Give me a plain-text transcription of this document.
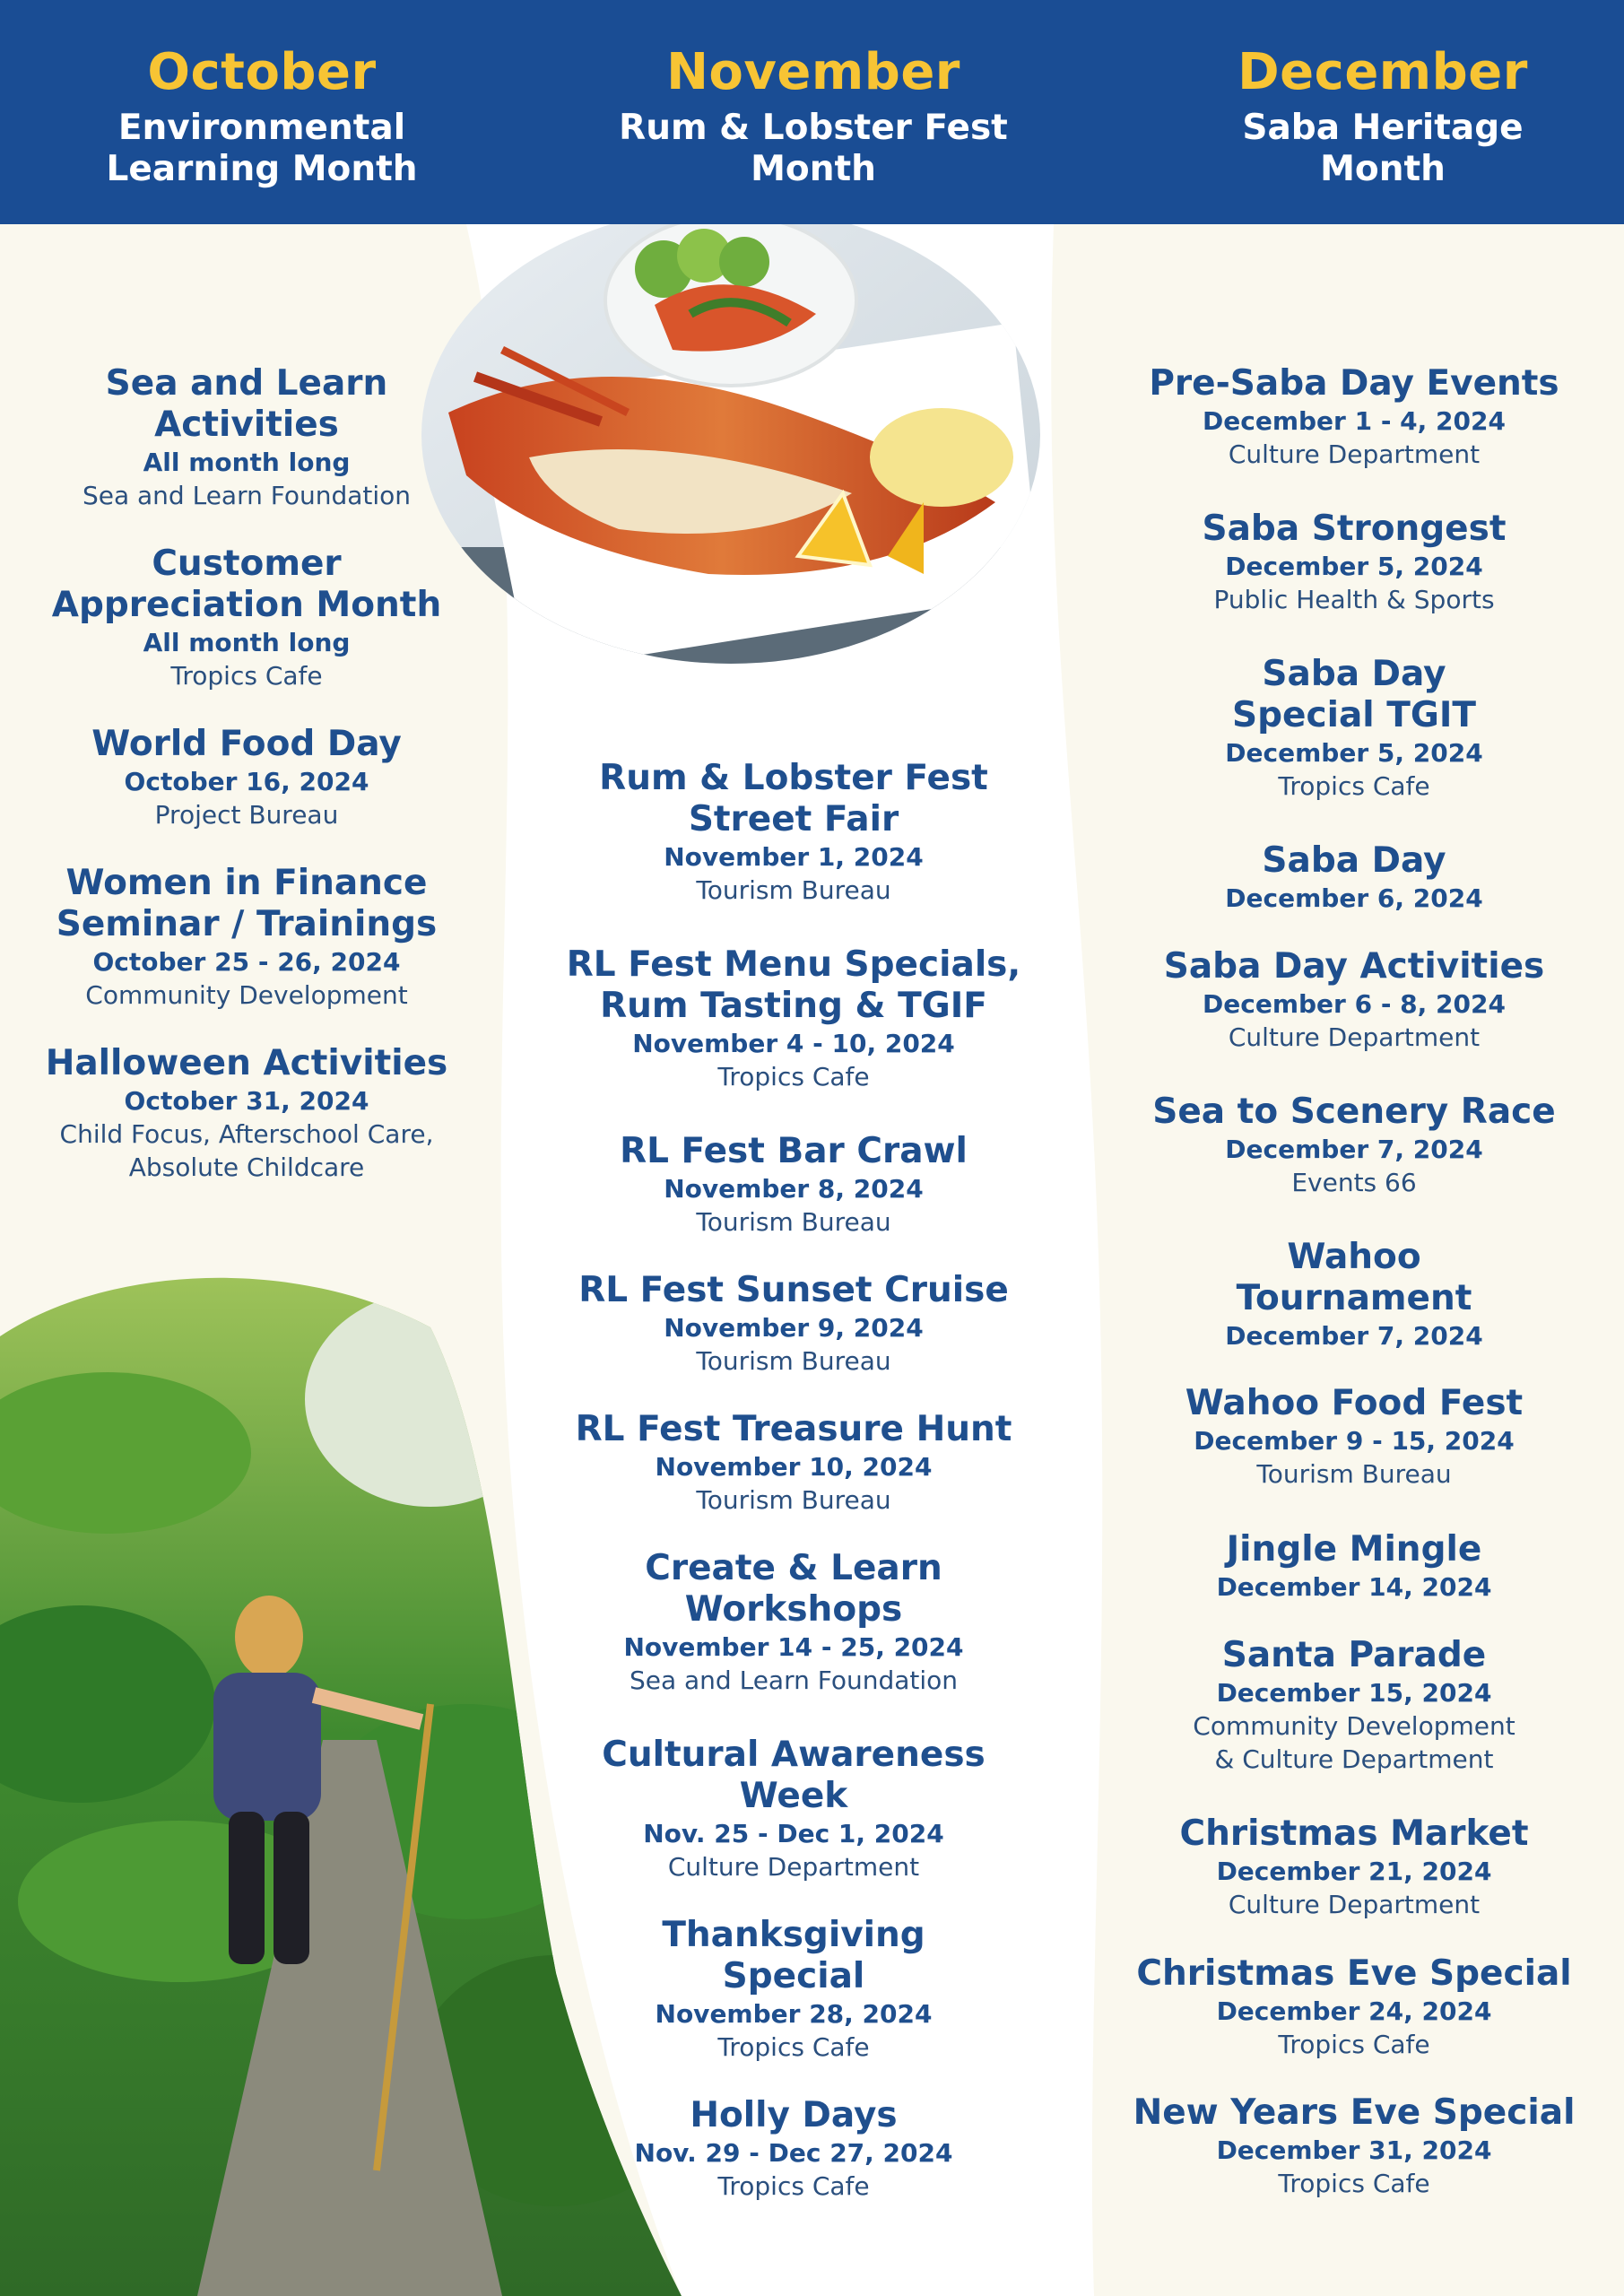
October
Environmental
Learning Month
November
Rum & Lobster Fest
Month
December
Saba Heritage
Month
Sea and Learn
Activities
All month long
Sea and Learn Foundation
Customer
Appreciation Month
All month long
Tropics Cafe
World Food Day
October 16, 2024
Project Bureau
Women in Finance
Seminar / Trainings
October 25 - 26, 2024
Community Development
Halloween Activities
October 31, 2024
Child Focus, Afterschool Care,
Absolute Childcare
Rum & Lobster Fest
Street Fair
November 1, 2024
Tourism Bureau
RL Fest Menu Specials,
Rum Tasting & TGIF
November 4 - 10, 2024
Tropics Cafe
RL Fest Bar Crawl
November 8, 2024
Tourism Bureau
RL Fest Sunset Cruise
November 9, 2024
Tourism Bureau
RL Fest Treasure Hunt
November 10, 2024
Tourism Bureau
Create & Learn
Workshops
November 14 - 25, 2024
Sea and Learn Foundation
Cultural Awareness
Week
Nov. 25 - Dec 1, 2024
Culture Department
Thanksgiving
Special
November 28, 2024
Tropics Cafe
Holly Days
Nov. 29 - Dec 27, 2024
Tropics Cafe
Pre-Saba Day Events
December 1 - 4, 2024
Culture Department
Saba Strongest
December 5, 2024
Public Health & Sports
Saba Day
Special TGIT
December 5, 2024
Tropics Cafe
Saba Day
December 6, 2024
Saba Day Activities
December 6 - 8, 2024
Culture Department
Sea to Scenery Race
December 7, 2024
Events 66
Wahoo
Tournament
December 7, 2024
Wahoo Food Fest
December 9 - 15, 2024
Tourism Bureau
Jingle Mingle
December 14, 2024
Santa Parade
December 15, 2024
Community Development
& Culture Department
Christmas Market
December 21, 2024
Culture Department
Christmas Eve Special
December 24, 2024
Tropics Cafe
New Years Eve Special
December 31, 2024
Tropics Cafe
